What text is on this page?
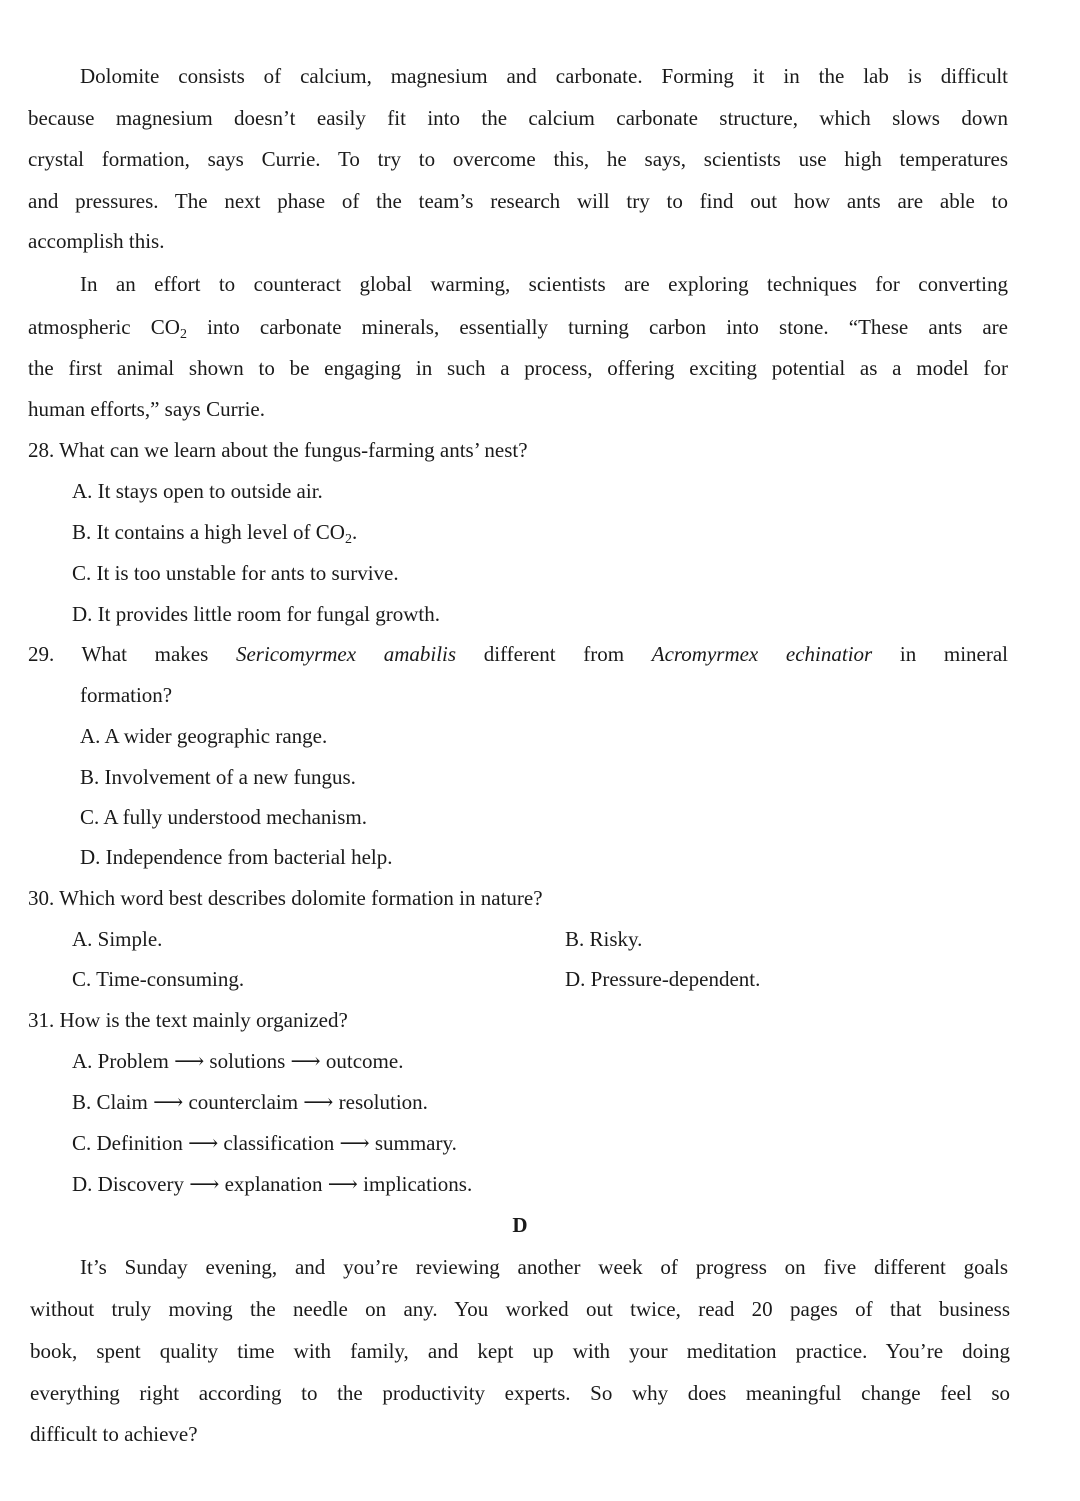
Dolomite consists of calcium, magnesium and carbonate. Forming it in the lab is difficult
because magnesium doesn’t easily fit into the calcium carbonate structure, which slows down
crystal formation, says Currie. To try to overcome this, he says, scientists use high temperatures
and pressures. The next phase of the team’s research will try to find out how ants are able to
accomplish this.
In an effort to counteract global warming, scientists are exploring techniques for converting
atmospheric $CO_2$ into carbonate minerals, essentially turning carbon into stone. “These ants are
the first animal shown to be engaging in such a process, offering exciting potential as a model for
human efforts,” says Currie.
28. What can we learn about the fungus-farming ants’ nest?
A. It stays open to outside air.
B. It contains a high level of $CO_2$.
C. It is too unstable for ants to survive.
D. It provides little room for fungal growth.
29. What makes Sericomyrmex amabilis different from Acromyrmex echinatior in mineral
formation?
A. A wider geographic range.
B. Involvement of a new fungus.
C. A fully understood mechanism.
D. Independence from bacterial help.
30. Which word best describes dolomite formation in nature?
A. Simple.	B. Risky.
C. Time-consuming.	D. Pressure-dependent.
31. How is the text mainly organized?
A. Problem ⟶ solutions ⟶ outcome.
B. Claim ⟶ counterclaim ⟶ resolution.
C. Definition ⟶ classification ⟶ summary.
D. Discovery ⟶ explanation ⟶ implications.
D
It’s Sunday evening, and you’re reviewing another week of progress on five different goals
without truly moving the needle on any. You worked out twice, read 20 pages of that business
book, spent quality time with family, and kept up with your meditation practice. You’re doing
everything right according to the productivity experts. So why does meaningful change feel so
difficult to achieve?
